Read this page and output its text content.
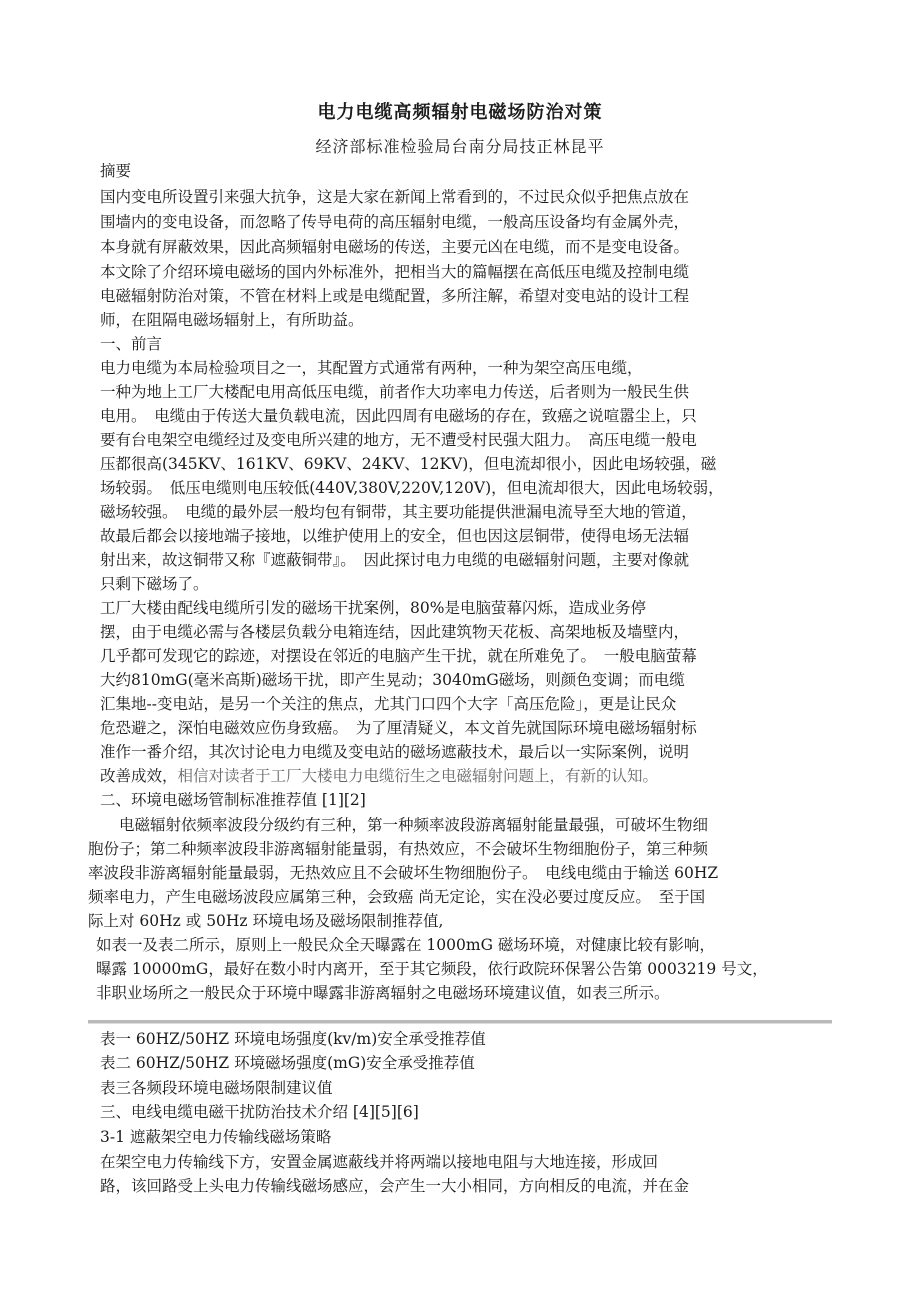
电力电缆高频辐射电磁场防治对策
经济部标准检验局台南分局技正林昆平
摘要
国内变电所设置引来强大抗争，这是大家在新闻上常看到的，不过民众似乎把焦点放在
围墙内的变电设备，而忽略了传导电荷的高压辐射电缆，一般高压设备均有金属外壳，
本身就有屏蔽效果，因此高频辐射电磁场的传送，主要元凶在电缆，而不是变电设备。
本文除了介绍环境电磁场的国内外标准外，把相当大的篇幅摆在高低压电缆及控制电缆
电磁辐射防治对策，不管在材料上或是电缆配置，多所注解，希望对变电站的设计工程
师，在阻隔电磁场辐射上，有所助益。
一、前言
电力电缆为本局检验项目之一，其配置方式通常有两种，一种为架空高压电缆，
一种为地上工厂大楼配电用高低压电缆，前者作大功率电力传送，后者则为一般民生供
电用。　电缆由于传送大量负载电流，因此四周有电磁场的存在，致癌之说喧嚣尘上，只
要有台电架空电缆经过及变电所兴建的地方，无不遭受村民强大阻力。　高压电缆一般电
压都很高(345KV、161KV、69KV、24KV、12KV)，但电流却很小，因此电场较强，磁
场较弱。　低压电缆则电压较低(440V,380V,220V,120V)，但电流却很大，因此电场较弱，
磁场较强。　电缆的最外层一般均包有铜带，其主要功能提供泄漏电流导至大地的管道，
故最后都会以接地端子接地，以维护使用上的安全，但也因这层铜带，使得电场无法辐
射出来，故这铜带又称『遮蔽铜带』。　因此探讨电力电缆的电磁辐射问题，主要对像就
只剩下磁场了。
工厂大楼由配线电缆所引发的磁场干扰案例，80%是电脑萤幕闪烁，造成业务停
摆，由于电缆必需与各楼层负载分电箱连结，因此建筑物天花板、高架地板及墙壁内，
几乎都可发现它的踪迹，对摆设在邻近的电脑产生干扰，就在所难免了。　一般电脑萤幕
大约810mG(毫米高斯)磁场干扰，即产生晃动；3040mG磁场，则颜色变调；而电缆
汇集地--变电站，是另一个关注的焦点，尤其门口四个大字「高压危险」，更是让民众
危恐避之，深怕电磁效应伤身致癌。　为了厘清疑义，本文首先就国际环境电磁场辐射标
准作一番介绍，其次讨论电力电缆及变电站的磁场遮蔽技术，最后以一实际案例，说明
改善成效，相信对读者于工厂大楼电力电缆衍生之电磁辐射问题上，有新的认知。
二、环境电磁场管制标准推荐值 [1][2]
　　电磁辐射依频率波段分级约有三种，第一种频率波段游离辐射能量最强，可破坏生物细
胞份子；第二种频率波段非游离辐射能量弱，有热效应，不会破坏生物细胞份子，第三种频
率波段非游离辐射能量最弱，无热效应且不会破坏生物细胞份子。　电线电缆由于输送 60HZ
频率电力，产生电磁场波段应属第三种，会致癌 尚无定论，实在没必要过度反应。　至于国
际上对 60Hz 或 50Hz 环境电场及磁场限制推荐值,
如表一及表二所示，原则上一般民众全天曝露在 1000mG 磁场环境，对健康比较有影响，
曝露 10000mG，最好在数小时内离开，至于其它频段，依行政院环保署公告第 0003219 号文，
非职业场所之一般民众于环境中曝露非游离辐射之电磁场环境建议值，如表三所示。
表一 60HZ/50HZ 环境电场强度(kv/m)安全承受推荐值
表二 60HZ/50HZ 环境磁场强度(mG)安全承受推荐值
表三各频段环境电磁场限制建议值
三、电线电缆电磁干扰防治技术介绍 [4][5][6]
3-1 遮蔽架空电力传输线磁场策略
在架空电力传输线下方，安置金属遮蔽线并将两端以接地电阻与大地连接，形成回
路，该回路受上头电力传输线磁场感应，会产生一大小相同，方向相反的电流，并在金
